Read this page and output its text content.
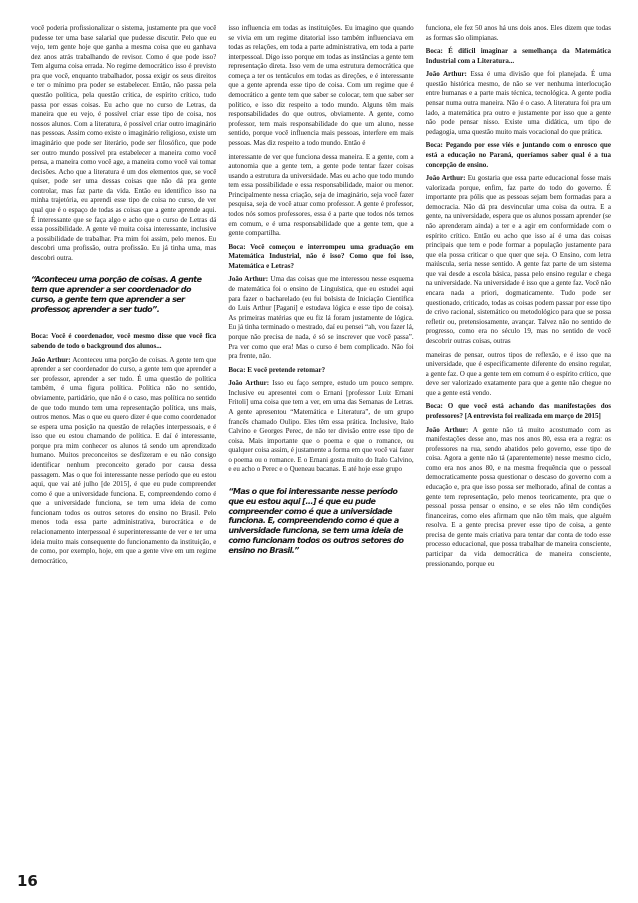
você poderia profissionalizar o sistema, justamente pra que você pudesse ter uma base salarial que pudesse discutir. Pelo que eu vejo, tem gente hoje que ganha a mesma coisa que eu ganhava dez anos atrás trabalhando de revisor. Como é que pode isso? Tem alguma coisa errada. No regime democrático isso é previsto pra que você, enquanto trabalhador, possa exigir os seus direitos e ter o mínimo pra poder se estabelecer. Então, não passa pela questão política, pela questão crítica, de espírito crítico, tudo passa por essas coisas. Eu acho que no curso de Letras, da maneira que eu vejo, é possível criar esse tipo de coisa, nos nossos alunos. Com a literatura, é possível criar outro imaginário nas pessoas. Assim como existe o imaginário religioso, existe um imaginário que pode ser literário, pode ser filosófico, que pode ser outro mundo possível pra estabelecer a maneira como você pensa, a maneira como você age, a maneira como você vai tomar decisões. Acho que a literatura é um dos elementos que, se você quiser, pode ser uma dessas coisas que não dá pra gente controlar, mas faz parte da vida. Então eu identifico isso na minha trajetória, eu aprendi esse tipo de coisa no curso, de ver qual que é o espaço de todas as coisas que a gente aprende aqui. É interessante que se faça algo e acho que o curso de Letras dá essa possibilidade. A gente vê muita coisa interessante, inclusive a possibilidade de trabalhar. Pra mim foi assim, pelo menos. Eu descobri uma profissão, outra profissão. Eu já tinha uma, mas descobri outra.

“Aconteceu uma porção de coisas. A gente tem que aprender a ser coordenador do curso, a gente tem que aprender a ser professor, aprender a ser tudo”.

Boca: Você é coordenador, você mesmo disse que você fica sabendo de todo o background dos alunos...

João Arthur: Aconteceu uma porção de coisas. A gente tem que aprender a ser coordenador do curso, a gente tem que aprender a ser professor, aprender a ser tudo. É uma questão de política também, é uma figura política. Política não no sentido, obviamente, partidário, que não é o caso, mas política no sentido de que todo mundo tem uma representação política, uns mais, outros menos. Mas o que eu quero dizer é que como coordenador se espera uma posição na questão de relações interpessoais, e é isso que eu estou chamando de política. E daí é interessante, porque pra mim conhecer os alunos tá sendo um aprendizado humano. Muitos preconceitos se desfizeram e eu não consigo identificar nenhum preconceito gerado por causa dessa passagem. Mas o que foi interessante nesse período que eu estou aqui, que vai até julho [de 2015], é que eu pude compreender como é que a universidade funciona. E, compreendendo como é que a universidade funciona, se tem uma ideia de como funcionam todos os outros setores do ensino no Brasil. Pelo menos toda essa parte administrativa, burocrática e de relacionamento interpessoal é superinteressante de ver e ter uma ideia muito mais consequente do funcionamento da instituição, e de como, por exemplo, hoje, em que a gente vive em um regime democrático,

isso influencia em todas as instituições. Eu imagino que quando se vivia em um regime ditatorial isso também influenciava em todas as relações, em toda a parte administrativa, em toda a parte interpessoal. Digo isso porque em todas as instâncias a gente tem representação direta. Isso vem de uma estrutura democrática que começa a ter os tentáculos em todas as direções, e é interessante que a gente aprenda esse tipo de coisa. Com um regime que é democrático a gente tem que saber se colocar, tem que saber ser político, e isso diz respeito a todo mundo. Alguns têm mais responsabilidades do que outros, obviamente. A gente, como professor, tem mais responsabilidade do que um aluno, nesse sentido, porque você influencia mais pessoas, interfere em mais pessoas. Mas diz respeito a todo mundo. Então é

interessante de ver que funciona dessa maneira. E a gente, com a autonomia que a gente tem, a gente pode tentar fazer coisas usando a estrutura da universidade. Mas eu acho que todo mundo tem essa possibilidade e essa responsabilidade, maior ou menor. Principalmente nessa criação, seja de imaginário, seja você fazer pesquisa, seja de você atuar como professor. A gente é professor, todos nós somos professores, essa é a parte que todos nós temos em comum, e é uma responsabilidade que a gente tem, que a gente compartilha.

Boca: Você começou e interrompeu uma graduação em Matemática Industrial, não é isso? Como que foi isso, Matemática e Letras?

João Arthur: Uma das coisas que me interessou nesse esquema de matemática foi o ensino de Linguística, que eu estudei aqui para fazer o bacharelado (eu fui bolsista de Iniciação Científica do Luis Arthur [Pagani] e estudava lógica e esse tipo de coisa). As primeiras matérias que eu fiz lá foram justamente de lógica. Eu já tinha terminado o mestrado, daí eu pensei “ah, vou fazer lá, porque não precisa de nada, é só se inscrever que você passa”. Pra ver como que era! Mas o curso é bem complicado. Não foi pra frente, não.

Boca: E você pretende retomar?

João Arthur: Isso eu faço sempre, estudo um pouco sempre. Inclusive eu apresentei com o Ernani [professor Luiz Ernani Fritoli] uma coisa que tem a ver, em uma das Semanas de Letras. A gente apresentou “Matemática e Literatura”, de um grupo francês chamado Oulipo. Eles têm essa prática. Inclusive, Italo Calvino e Georges Perec, de não ter divisão entre esse tipo de coisa. Mais importante que o poema e que o romance, ou qualquer coisa assim, é justamente a forma em que você vai fazer o poema ou o romance. E o Ernani gosta muito do Italo Calvino, e eu acho o Perec e o Queneau bacanas. E até hoje esse grupo

“Mas o que foi interessante nesse período que eu estou aqui [...] é que eu pude compreender como é que a universidade funciona. E, compreendendo como é que a universidade funciona, se tem uma ideia de como funcionam todos os outros setores do ensino no Brasil.”

funciona, ele fez 50 anos há uns dois anos. Eles dizem que todas as formas são olimpianas.

Boca: É difícil imaginar a semelhança da Matemática Industrial com a Literatura...

João Arthur: Essa é uma divisão que foi planejada. É uma questão histórica mesmo, de não se ver nenhuma interlocução entre humanas e a parte mais técnica, tecnológica. A gente podia pensar numa outra maneira. Não é o caso. A literatura foi pra um lado, a matemática pra outro e justamente por isso que a gente não pode pensar nisso. Existe uma didática, um tipo de pedagogia, uma questão muito mais vocacional do que prática.

Boca: Pegando por esse viés e juntando com o enrosco que está a educação no Paraná, queríamos saber qual é a tua concepção de ensino.

João Arthur: Eu gostaria que essa parte educacional fosse mais valorizada porque, enfim, faz parte do todo do governo. É importante pra pólis que as pessoas sejam bem formadas para a democracia. Não dá pra desvincular uma coisa da outra. E a gente, na universidade, espera que os alunos possam aprender (se não aprenderam ainda) a ter e a agir em conformidade com o espírito crítico. Então eu acho que isso aí é uma das coisas principais que tem e pode formar a população justamente para que ela possa criticar o que quer que seja. O Ensino, com letra maiúscula, seria nesse sentido. A gente faz parte de um sistema que vai desde a escola básica, passa pelo ensino regular e chega na universidade. Na universidade é isso que a gente faz. Você não encara nada a priori, dogmaticamente. Tudo pode ser questionado, criticado, todas as coisas podem passar por esse tipo de crivo racional, sistemático ou metodológico para que se possa refletir ou, pretensiosamente, avançar. Talvez não no sentido de progresso, como era no século 19, mas no sentido de você descobrir outras coisas, outras

maneiras de pensar, outros tipos de reflexão, e é isso que na universidade, que é especificamente diferente do ensino regular, a gente faz. O que a gente tem em comum é o espírito crítico, que deve ser valorizado exatamente para que a gente não chegue no que a gente está vendo.

Boca: O que você está achando das manifestações dos professores? [A entrevista foi realizada em março de 2015]

João Arthur: A gente não tá muito acostumado com as manifestações desse ano, mas nos anos 80, essa era a regra: os professores na rua, sendo abatidos pelo governo, esse tipo de coisa. Agora a gente não tá (aparentemente) nesse mesmo ciclo, como era nos anos 80, e na mesma frequência que o pessoal democraticamente possa questionar o descaso do governo com a educação e, pra que isso possa ser melhorado, afinal de contas a gente tem representação, pelo menos teoricamente, pra que o pessoal possa pensar o ensino, e se eles não têm condições financeiras, como eles afirmam que não têm mais, que alguém resolva. E a gente precisa prever esse tipo de coisa, a gente precisa de gente mais criativa para tentar dar conta de todo esse processo educacional, que possa trabalhar de maneira consciente, participar da vida democrática de maneira consciente, pressionando, porque eu

16
